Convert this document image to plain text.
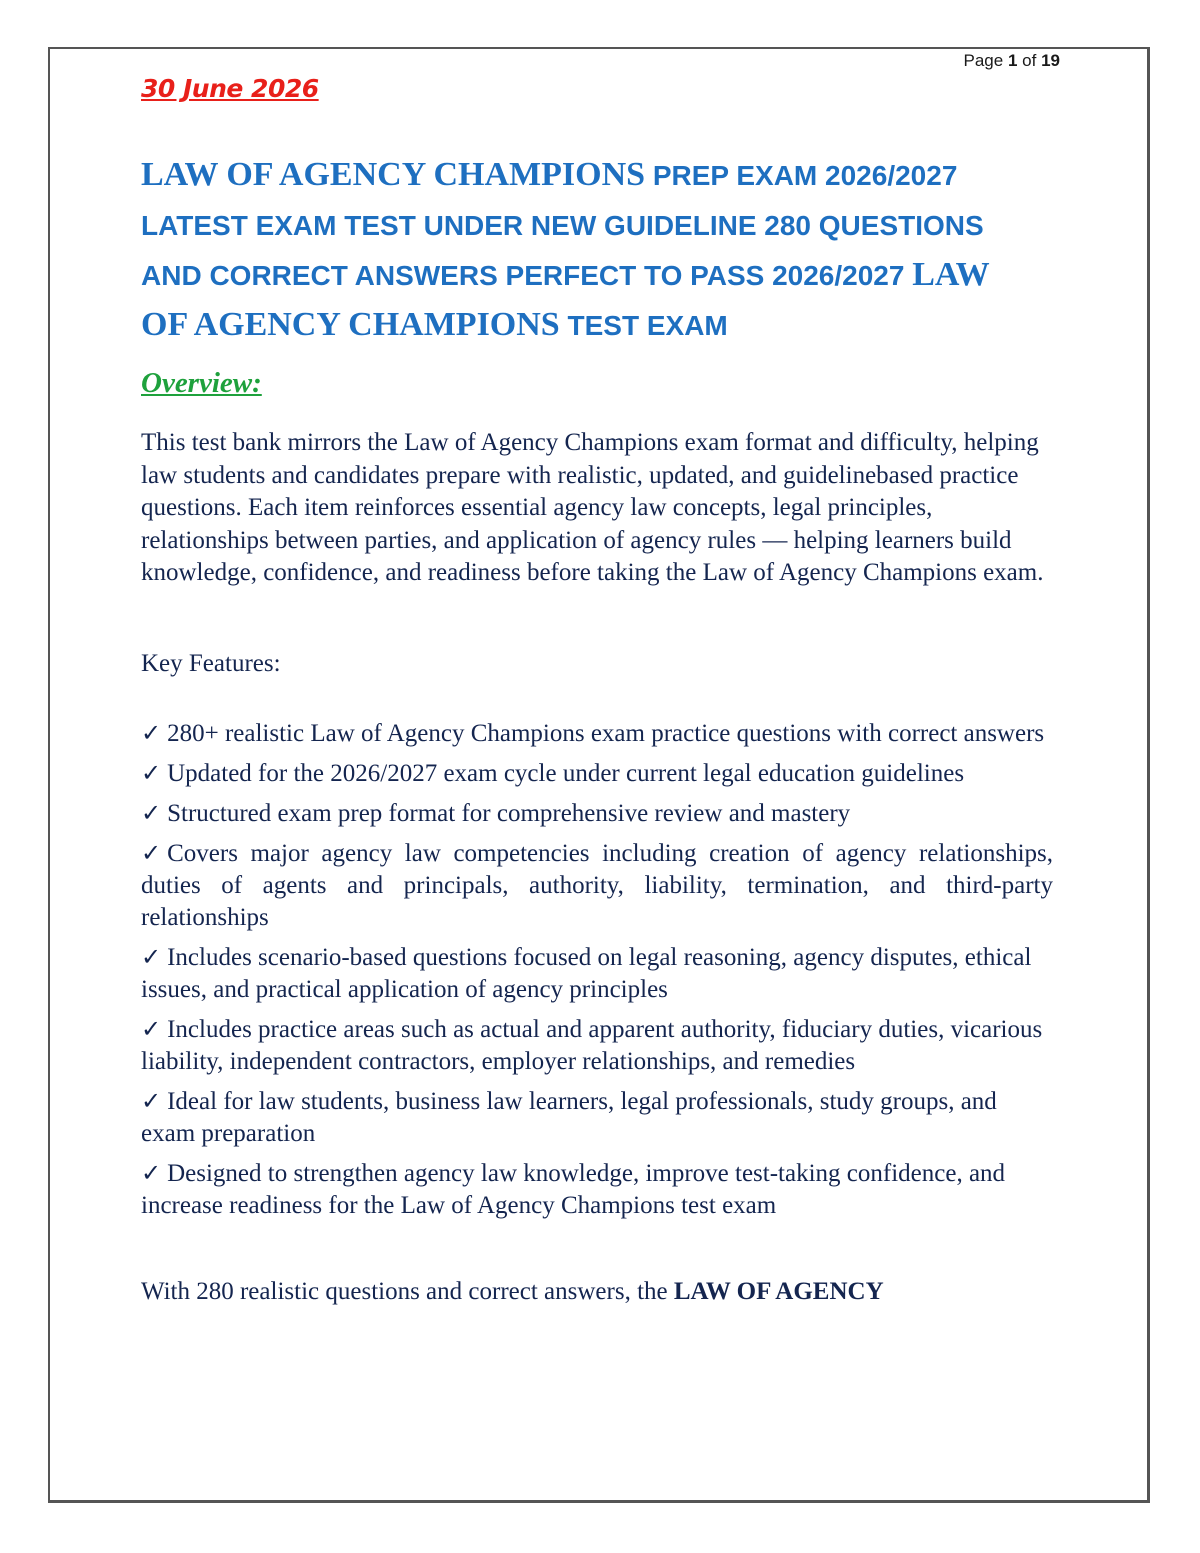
Page 1 of 19
30 June 2026
LAW OF AGENCY CHAMPIONS PREP EXAM 2026/2027 LATEST EXAM TEST UNDER NEW GUIDELINE 280 QUESTIONS AND CORRECT ANSWERS PERFECT TO PASS 2026/2027 LAW OF AGENCY CHAMPIONS TEST EXAM
Overview:

This test bank mirrors the Law of Agency Champions exam format and difficulty, helping law students and candidates prepare with realistic, updated, and guidelinebased practice questions. Each item reinforces essential agency law concepts, legal principles, relationships between parties, and application of agency rules — helping learners build knowledge, confidence, and readiness before taking the Law of Agency Champions exam.

Key Features:

✓ 280+ realistic Law of Agency Champions exam practice questions with correct answers
✓ Updated for the 2026/2027 exam cycle under current legal education guidelines
✓ Structured exam prep format for comprehensive review and mastery
✓ Covers major agency law competencies including creation of agency relationships, duties of agents and principals, authority, liability, termination, and third-party relationships
✓ Includes scenario-based questions focused on legal reasoning, agency disputes, ethical issues, and practical application of agency principles
✓ Includes practice areas such as actual and apparent authority, fiduciary duties, vicarious liability, independent contractors, employer relationships, and remedies
✓ Ideal for law students, business law learners, legal professionals, study groups, and exam preparation
✓ Designed to strengthen agency law knowledge, improve test-taking confidence, and increase readiness for the Law of Agency Champions test exam

With 280 realistic questions and correct answers, the LAW OF AGENCY
